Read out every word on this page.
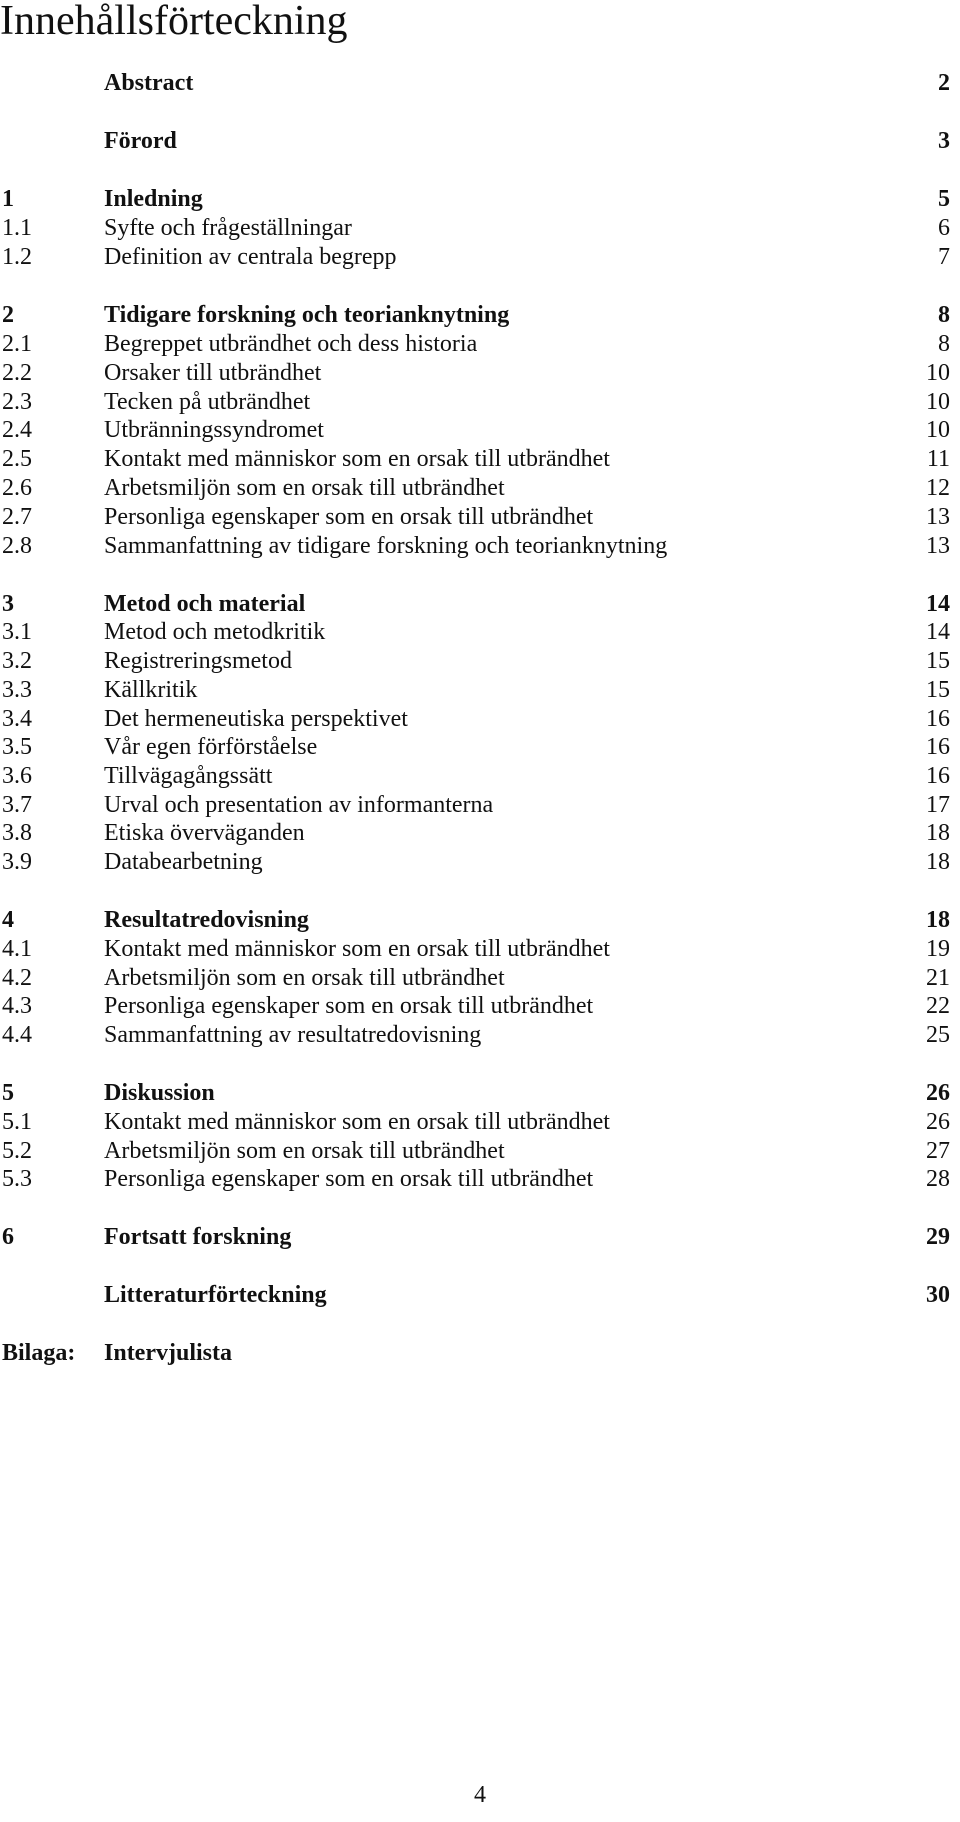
Innehållsförteckning
Abstract	2
Förord	3
1	Inledning	5
1.1	Syfte och frågeställningar	6
1.2	Definition av centrala begrepp	7
2	Tidigare forskning och teorianknytning	8
2.1	Begreppet utbrändhet och dess historia	8
2.2	Orsaker till utbrändhet	10
2.3	Tecken på utbrändhet	10
2.4	Utbränningssyndromet	10
2.5	Kontakt med människor som en orsak till utbrändhet	11
2.6	Arbetsmiljön som en orsak till utbrändhet	12
2.7	Personliga egenskaper som en orsak till utbrändhet	13
2.8	Sammanfattning av tidigare forskning och teorianknytning	13
3	Metod och material	14
3.1	Metod och metodkritik	14
3.2	Registreringsmetod	15
3.3	Källkritik	15
3.4	Det hermeneutiska perspektivet	16
3.5	Vår egen förförståelse	16
3.6	Tillvägagångssätt	16
3.7	Urval och presentation av informanterna	17
3.8	Etiska överväganden	18
3.9	Databearbetning	18
4	Resultatredovisning	18
4.1	Kontakt med människor som en orsak till utbrändhet	19
4.2	Arbetsmiljön som en orsak till utbrändhet	21
4.3	Personliga egenskaper som en orsak till utbrändhet	22
4.4	Sammanfattning av resultatredovisning	25
5	Diskussion	26
5.1	Kontakt med människor som en orsak till utbrändhet	26
5.2	Arbetsmiljön som en orsak till utbrändhet	27
5.3	Personliga egenskaper som en orsak till utbrändhet	28
6	Fortsatt forskning	29
Litteraturförteckning	30
Bilaga: Intervjulista
4
